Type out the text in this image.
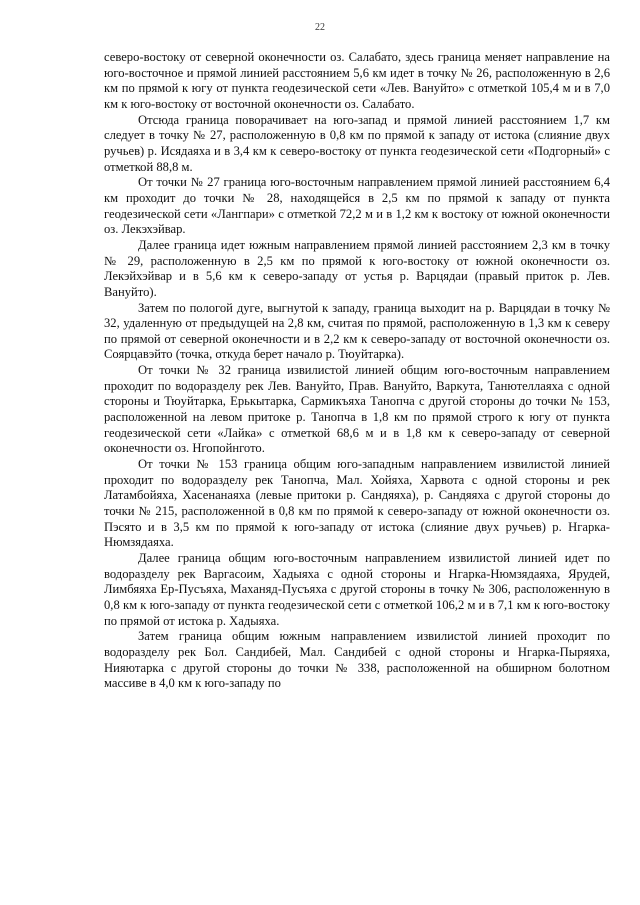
22

северо-востоку от северной оконечности оз. Салабато, здесь граница меняет направление на юго-восточное и прямой линией расстоянием 5,6 км идет в точку № 26, расположенную в 2,6 км по прямой к югу от пункта геодезической сети «Лев. Вануйто» с отметкой 105,4 м и в 7,0 км к юго-востоку от восточной оконечности оз. Салабато.

Отсюда граница поворачивает на юго-запад и прямой линией расстоянием 1,7 км следует в точку № 27, расположенную в 0,8 км по прямой к западу от истока (слияние двух ручьев) р. Исядаяха и в 3,4 км к северо-востоку от пункта геодезической сети «Подгорный» с отметкой 88,8 м.

От точки № 27 граница юго-восточным направлением прямой линией расстоянием 6,4 км проходит до точки № 28, находящейся в 2,5 км по прямой к западу от пункта геодезической сети «Лангпари» с отметкой 72,2 м и в 1,2 км к востоку от южной оконечности оз. Лекэхэйвар.

Далее граница идет южным направлением прямой линией расстоянием 2,3 км в точку № 29, расположенную в 2,5 км по прямой к юго-востоку от южной оконечности оз. Лекэйхэйвар и в 5,6 км к северо-западу от устья р. Варцядаи (правый приток р. Лев. Вануйто).

Затем по пологой дуге, выгнутой к западу, граница выходит на р. Варцядаи в точку № 32, удаленную от предыдущей на 2,8 км, считая по прямой, расположенную в 1,3 км к северу по прямой от северной оконечности и в 2,2 км к северо-западу от восточной оконечности оз. Соярцавэйто (точка, откуда берет начало р. Тюуйтарка).

От точки № 32 граница извилистой линией общим юго-восточным направлением проходит по водоразделу рек Лев. Вануйто, Прав. Вануйто, Варкута, Танютеллаяха с одной стороны и Тюуйтарка, Ерькытарка, Сармикъяха Танопча с другой стороны до точки № 153, расположенной на левом притоке р. Танопча в 1,8 км по прямой строго к югу от пункта геодезической сети «Лайка» с отметкой 68,6 м и в 1,8 км к северо-западу от северной оконечности оз. Нгопойнгото.

От точки № 153 граница общим юго-западным направлением извилистой линией проходит по водоразделу рек Танопча, Мал. Хойяха, Харвота с одной стороны и рек Латамбойяха, Хасенанаяха (левые притоки р. Сандяяха), р. Сандяяха с другой стороны до точки № 215, расположенной в 0,8 км по прямой к северо-западу от южной оконечности оз. Пэсято и в 3,5 км по прямой к юго-западу от истока (слияние двух ручьев) р. Нгарка-Нюмзядаяха.

Далее граница общим юго-восточным направлением извилистой линией идет по водоразделу рек Варгасоим, Хадыяха с одной стороны и Нгарка-Нюмзядаяха, Ярудей, Лимбяяха Ер-Пусъяха, Маханяд-Пусъяха с другой стороны в точку № 306, расположенную в 0,8 км к юго-западу от пункта геодезической сети с отметкой 106,2 м и в 7,1 км к юго-востоку по прямой от истока р. Хадыяха.

Затем граница общим южным направлением извилистой линией проходит по водоразделу рек Бол. Сандибей, Мал. Сандибей с одной стороны и Нгарка-Пыряяха, Нияютарка с другой стороны до точки № 338, расположенной на обширном болотном массиве в 4,0 км к юго-западу по
